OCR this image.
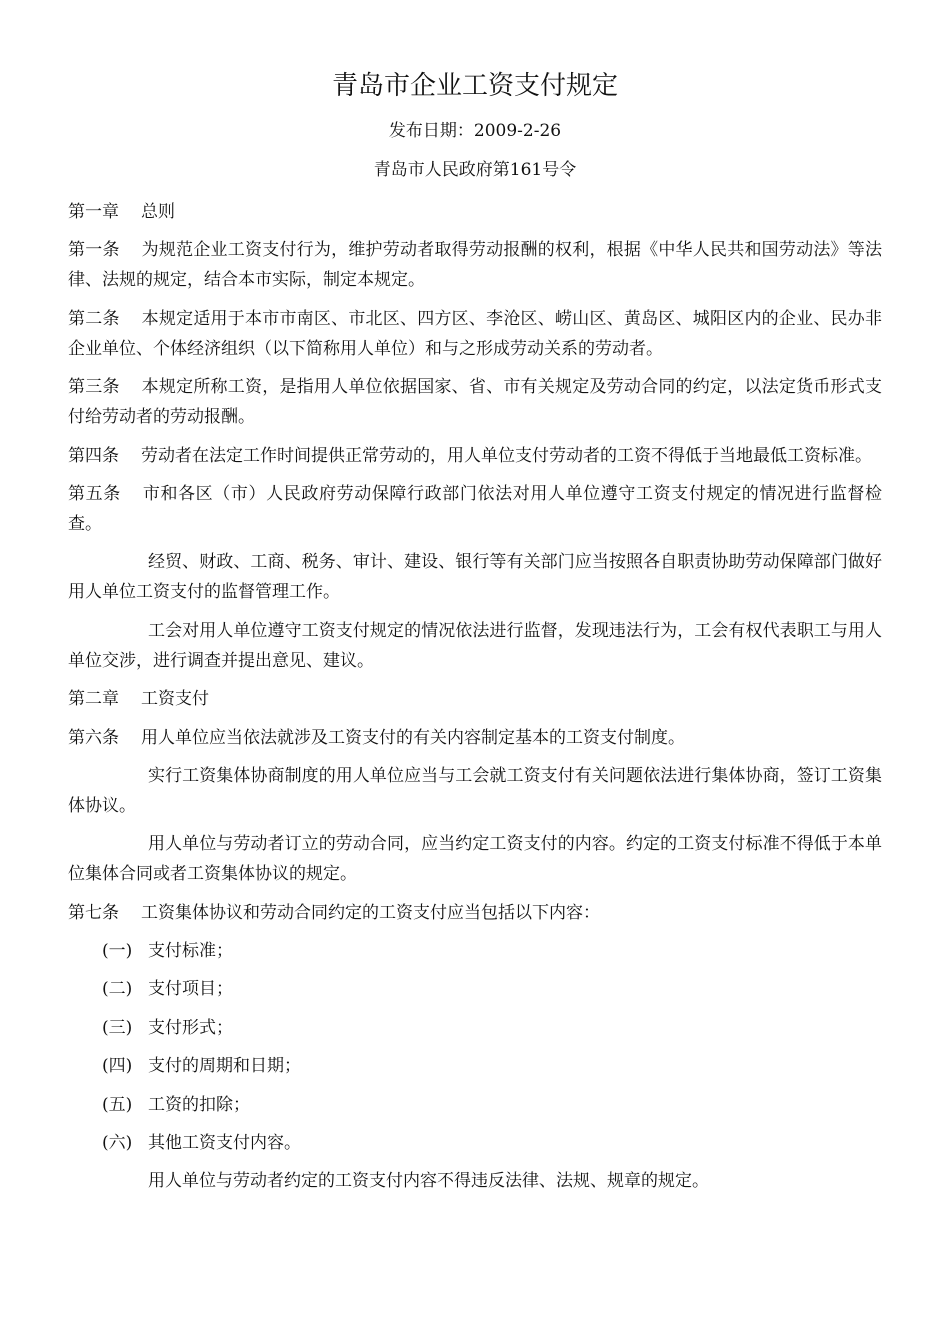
青岛市企业工资支付规定
发布日期：2009-2-26
青岛市人民政府第161号令

第一章 总则

第一条 为规范企业工资支付行为，维护劳动者取得劳动报酬的权利，根据《中华人民共和国劳动法》等法律、法规的规定，结合本市实际，制定本规定。

第二条 本规定适用于本市市南区、市北区、四方区、李沧区、崂山区、黄岛区、城阳区内的企业、民办非企业单位、个体经济组织（以下简称用人单位）和与之形成劳动关系的劳动者。

第三条 本规定所称工资，是指用人单位依据国家、省、市有关规定及劳动合同的约定，以法定货币形式支付给劳动者的劳动报酬。

第四条 劳动者在法定工作时间提供正常劳动的，用人单位支付劳动者的工资不得低于当地最低工资标准。

第五条 市和各区（市）人民政府劳动保障行政部门依法对用人单位遵守工资支付规定的情况进行监督检查。

经贸、财政、工商、税务、审计、建设、银行等有关部门应当按照各自职责协助劳动保障部门做好用人单位工资支付的监督管理工作。

工会对用人单位遵守工资支付规定的情况依法进行监督，发现违法行为，工会有权代表职工与用人单位交涉，进行调查并提出意见、建议。

第二章 工资支付

第六条 用人单位应当依法就涉及工资支付的有关内容制定基本的工资支付制度。

实行工资集体协商制度的用人单位应当与工会就工资支付有关问题依法进行集体协商，签订工资集体协议。

用人单位与劳动者订立的劳动合同，应当约定工资支付的内容。约定的工资支付标准不得低于本单位集体合同或者工资集体协议的规定。

第七条 工资集体协议和劳动合同约定的工资支付应当包括以下内容：

(一) 支付标准；

(二) 支付项目；

(三) 支付形式；

(四) 支付的周期和日期；

(五) 工资的扣除；

(六) 其他工资支付内容。

用人单位与劳动者约定的工资支付内容不得违反法律、法规、规章的规定。
